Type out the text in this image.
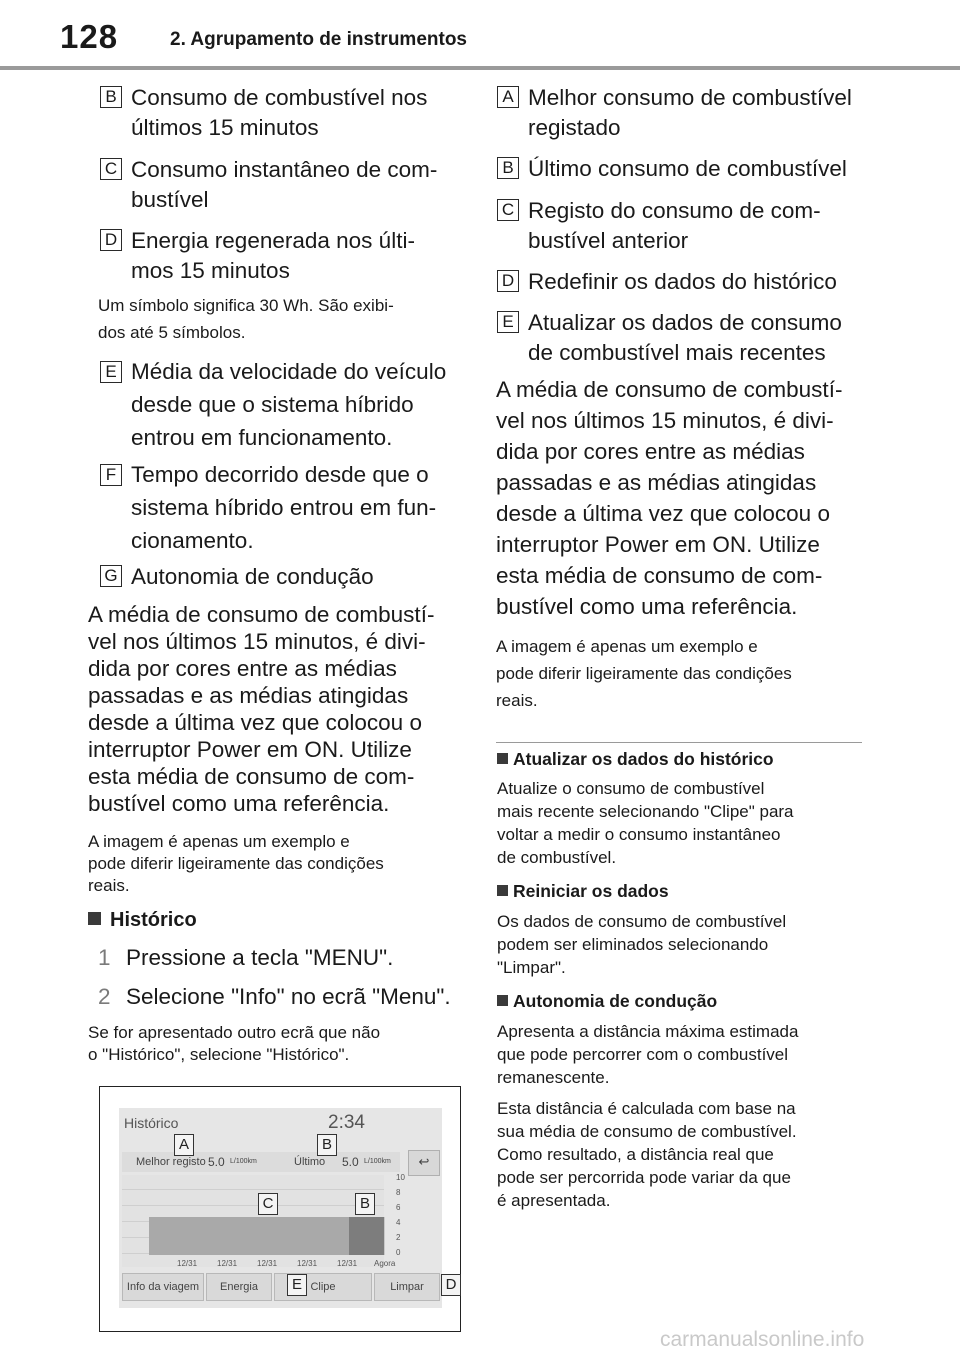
128	2. Agrupamento de instrumentos
B Consumo de combustível nos
últimos 15 minutos
C Consumo instantâneo de com-
bustível
D Energia regenerada nos últi-
mos 15 minutos
Um símbolo significa 30 Wh. São exibi-
dos até 5 símbolos.
E Média da velocidade do veículo
desde que o sistema híbrido
entrou em funcionamento.
F Tempo decorrido desde que o
sistema híbrido entrou em fun-
cionamento.
G Autonomia de condução
A média de consumo de combustí-
vel nos últimos 15 minutos, é divi-
dida por cores entre as médias
passadas e as médias atingidas
desde a última vez que colocou o
interruptor Power em ON. Utilize
esta média de consumo de com-
bustível como uma referência.
A imagem é apenas um exemplo e
pode diferir ligeiramente das condições
reais.
Histórico
1 Pressione a tecla "MENU".
2 Selecione "Info" no ecrã "Menu".
Se for apresentado outro ecrã que não
o "Histórico", selecione "Histórico".
Histórico	2:34
Melhor registo 5.0 L/100km	Último 5.0 L/100km	↩
10
8
6
4
2
0
12/31 12/31 12/31 12/31 12/31 Agora
Info da viagem	Energia	Clipe	Limpar
A	B
C	B
E	D
A Melhor consumo de combustível
registado
B Último consumo de combustível
C Registo do consumo de com-
bustível anterior
D Redefinir os dados do histórico
E Atualizar os dados de consumo
de combustível mais recentes
A média de consumo de combustí-
vel nos últimos 15 minutos, é divi-
dida por cores entre as médias
passadas e as médias atingidas
desde a última vez que colocou o
interruptor Power em ON. Utilize
esta média de consumo de com-
bustível como uma referência.
A imagem é apenas um exemplo e
pode diferir ligeiramente das condições
reais.
Atualizar os dados do histórico
Atualize o consumo de combustível
mais recente selecionando "Clipe" para
voltar a medir o consumo instantâneo
de combustível.
Reiniciar os dados
Os dados de consumo de combustível
podem ser eliminados selecionando
"Limpar".
Autonomia de condução
Apresenta a distância máxima estimada
que pode percorrer com o combustível
remanescente.
Esta distância é calculada com base na
sua média de consumo de combustível.
Como resultado, a distância real que
pode ser percorrida pode variar da que
é apresentada.
carmanualsonline.info
